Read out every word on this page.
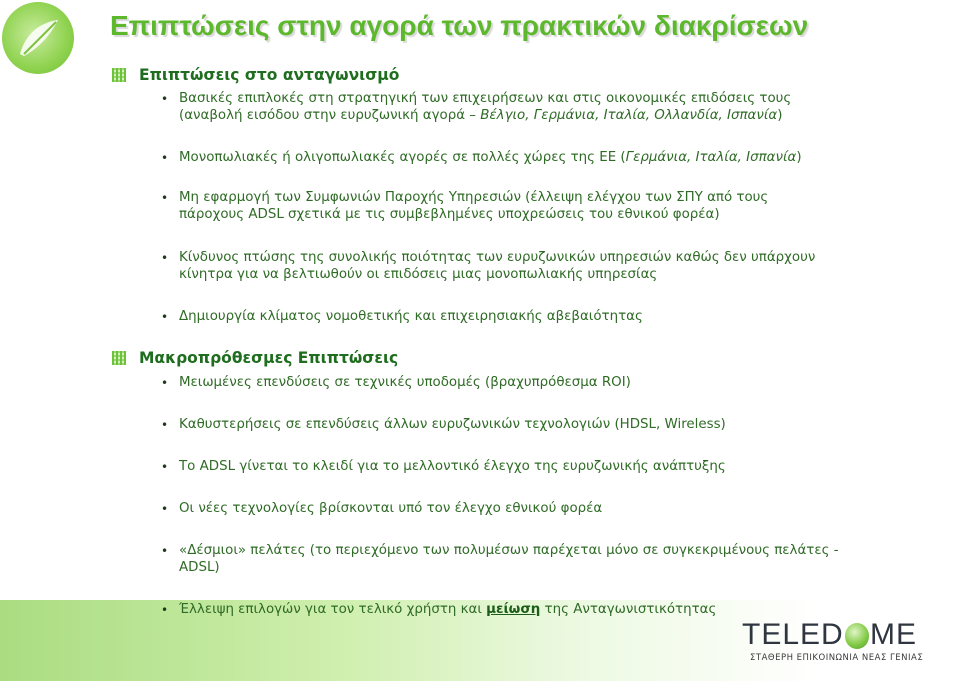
Επιπτώσεις στην αγορά των πρακτικών διακρίσεων
Επιπτώσεις στο ανταγωνισμό
• Βασικές επιπλοκές στη στρατηγική των επιχειρήσεων και στις οικονομικές επιδόσεις τους
(αναβολή εισόδου στην ευρυζωνική αγορά – Βέλγιο, Γερμάνια, Ιταλία, Ολλανδία, Ισπανία)
• Μονοπωλιακές ή ολιγοπωλιακές αγορές σε πολλές χώρες της ΕΕ (Γερμάνια, Ιταλία, Ισπανία)
• Μη εφαρμογή των Συμφωνιών Παροχής Υπηρεσιών (έλλειψη ελέγχου των ΣΠΥ από τους
πάροχους ADSL σχετικά με τις συμβεβλημένες υποχρεώσεις του εθνικού φορέα)
• Κίνδυνος πτώσης της συνολικής ποιότητας των ευρυζωνικών υπηρεσιών καθώς δεν υπάρχουν
κίνητρα για να βελτιωθούν οι επιδόσεις μιας μονοπωλιακής υπηρεσίας
• Δημιουργία κλίματος νομοθετικής και επιχειρησιακής αβεβαιότητας
Μακροπρόθεσμες Επιπτώσεις
• Μειωμένες επενδύσεις σε τεχνικές υποδομές (βραχυπρόθεσμα ROI)
• Καθυστερήσεις σε επενδύσεις άλλων ευρυζωνικών τεχνολογιών (HDSL, Wireless)
• Το ADSL γίνεται το κλειδί για το μελλοντικό έλεγχο της ευρυζωνικής ανάπτυξης
• Οι νέες τεχνολογίες βρίσκονται υπό τον έλεγχο εθνικού φορέα
• «Δέσμιοι» πελάτες (το περιεχόμενο των πολυμέσων παρέχεται μόνο σε συγκεκριμένους πελάτες -
ADSL)
• Έλλειψη επιλογών για τον τελικό χρήστη και μείωση της Ανταγωνιστικότητας
TELED ME
ΣΤΑΘΕΡΗ ΕΠΙΚΟΙΝΩΝΙΑ ΝΕΑΣ ΓΕΝΙΑΣ
